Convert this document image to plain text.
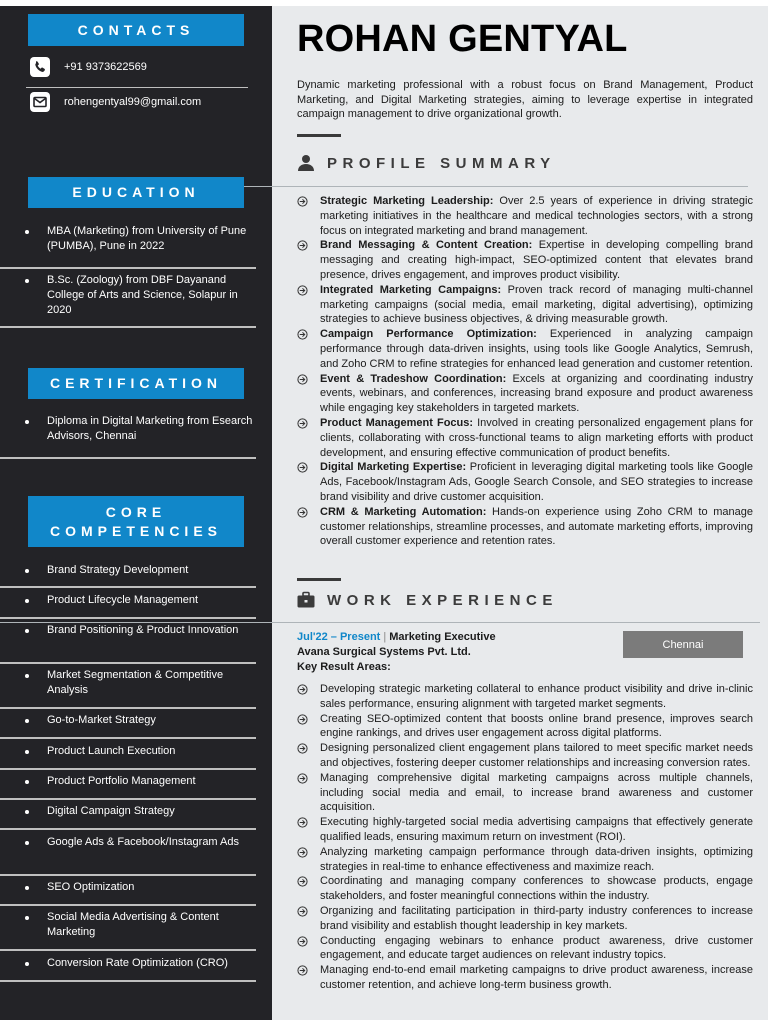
CONTACTS
+91 9373622569
rohengentyal99@gmail.com
EDUCATION
MBA (Marketing) from University of Pune (PUMBA), Pune in 2022
B.Sc. (Zoology) from DBF Dayanand College of Arts and Science, Solapur in 2020
CERTIFICATION
Diploma in Digital Marketing from Esearch Advisors, Chennai
CORE
COMPETENCIES
Brand Strategy Development
Product Lifecycle Management
Brand Positioning & Product Innovation
Market Segmentation & Competitive Analysis
Go-to-Market Strategy
Product Launch Execution
Product Portfolio Management
Digital Campaign Strategy
Google Ads & Facebook/Instagram Ads
SEO Optimization
Social Media Advertising & Content Marketing
Conversion Rate Optimization (CRO)
ROHAN GENTYAL

Dynamic marketing professional with a robust focus on Brand Management, Product Marketing, and Digital Marketing strategies, aiming to leverage expertise in integrated campaign management to drive organizational growth.

PROFILE SUMMARY
Strategic Marketing Leadership: Over 2.5 years of experience in driving strategic marketing initiatives in the healthcare and medical technologies sectors, with a strong focus on integrated marketing and brand management.
Brand Messaging & Content Creation: Expertise in developing compelling brand messaging and creating high-impact, SEO-optimized content that elevates brand presence, drives engagement, and improves product visibility.
Integrated Marketing Campaigns: Proven track record of managing multi-channel marketing campaigns (social media, email marketing, digital advertising), optimizing strategies to achieve business objectives, & driving measurable growth.
Campaign Performance Optimization: Experienced in analyzing campaign performance through data-driven insights, using tools like Google Analytics, Semrush, and Zoho CRM to refine strategies for enhanced lead generation and customer retention.
Event & Tradeshow Coordination: Excels at organizing and coordinating industry events, webinars, and conferences, increasing brand exposure and product awareness while engaging key stakeholders in targeted markets.
Product Management Focus: Involved in creating personalized engagement plans for clients, collaborating with cross-functional teams to align marketing efforts with product development, and ensuring effective communication of product benefits.
Digital Marketing Expertise: Proficient in leveraging digital marketing tools like Google Ads, Facebook/Instagram Ads, Google Search Console, and SEO strategies to increase brand visibility and drive customer acquisition.
CRM & Marketing Automation: Hands-on experience using Zoho CRM to manage customer relationships, streamline processes, and automate marketing efforts, improving overall customer experience and retention rates.
WORK EXPERIENCE
Jul'22 – Present | Marketing Executive
Avana Surgical Systems Pvt. Ltd.
Key Result Areas:
Chennai
Developing strategic marketing collateral to enhance product visibility and drive in-clinic sales performance, ensuring alignment with targeted market segments.
Creating SEO-optimized content that boosts online brand presence, improves search engine rankings, and drives user engagement across digital platforms.
Designing personalized client engagement plans tailored to meet specific market needs and objectives, fostering deeper customer relationships and increasing conversion rates.
Managing comprehensive digital marketing campaigns across multiple channels, including social media and email, to increase brand awareness and customer acquisition.
Executing highly-targeted social media advertising campaigns that effectively generate qualified leads, ensuring maximum return on investment (ROI).
Analyzing marketing campaign performance through data-driven insights, optimizing strategies in real-time to enhance effectiveness and maximize reach.
Coordinating and managing company conferences to showcase products, engage stakeholders, and foster meaningful connections within the industry.
Organizing and facilitating participation in third-party industry conferences to increase brand visibility and establish thought leadership in key markets.
Conducting engaging webinars to enhance product awareness, drive customer engagement, and educate target audiences on relevant industry topics.
Managing end-to-end email marketing campaigns to drive product awareness, increase customer retention, and achieve long-term business growth.
